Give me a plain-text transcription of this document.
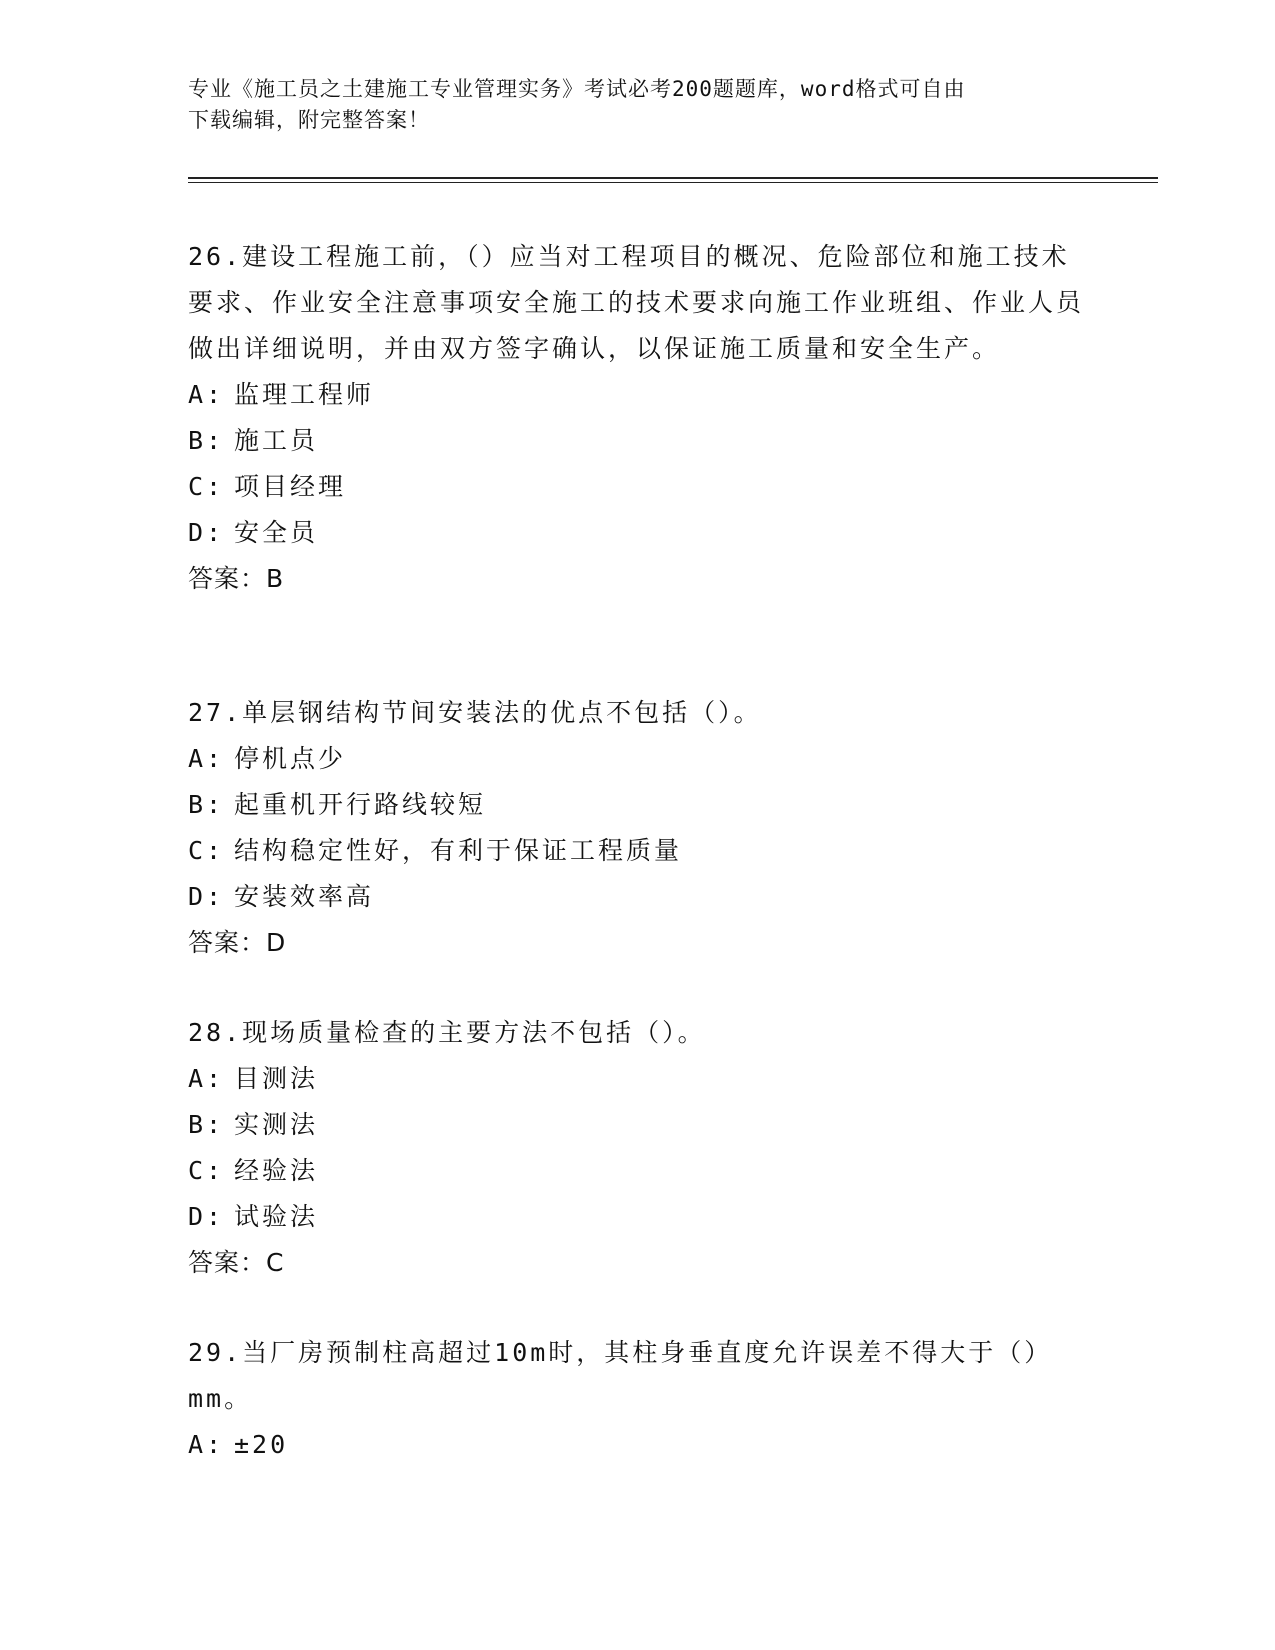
专业《施工员之土建施工专业管理实务》考试必考200题题库，word格式可自由
下载编辑，附完整答案！

26.建设工程施工前，（）应当对工程项目的概况、危险部位和施工技术要求、作业安全注意事项安全施工的技术要求向施工作业班组、作业人员做出详细说明，并由双方签字确认，以保证施工质量和安全生产。

A: 监理工程师

B: 施工员

C: 项目经理

D: 安全员

答案：B

27.单层钢结构节间安装法的优点不包括（）。

A: 停机点少

B: 起重机开行路线较短

C: 结构稳定性好，有利于保证工程质量

D: 安装效率高

答案：D

28.现场质量检查的主要方法不包括（）。

A: 目测法

B: 实测法

C: 经验法

D: 试验法

答案：C

29.当厂房预制柱高超过10m时，其柱身垂直度允许误差不得大于（）mm。

A: ±20
